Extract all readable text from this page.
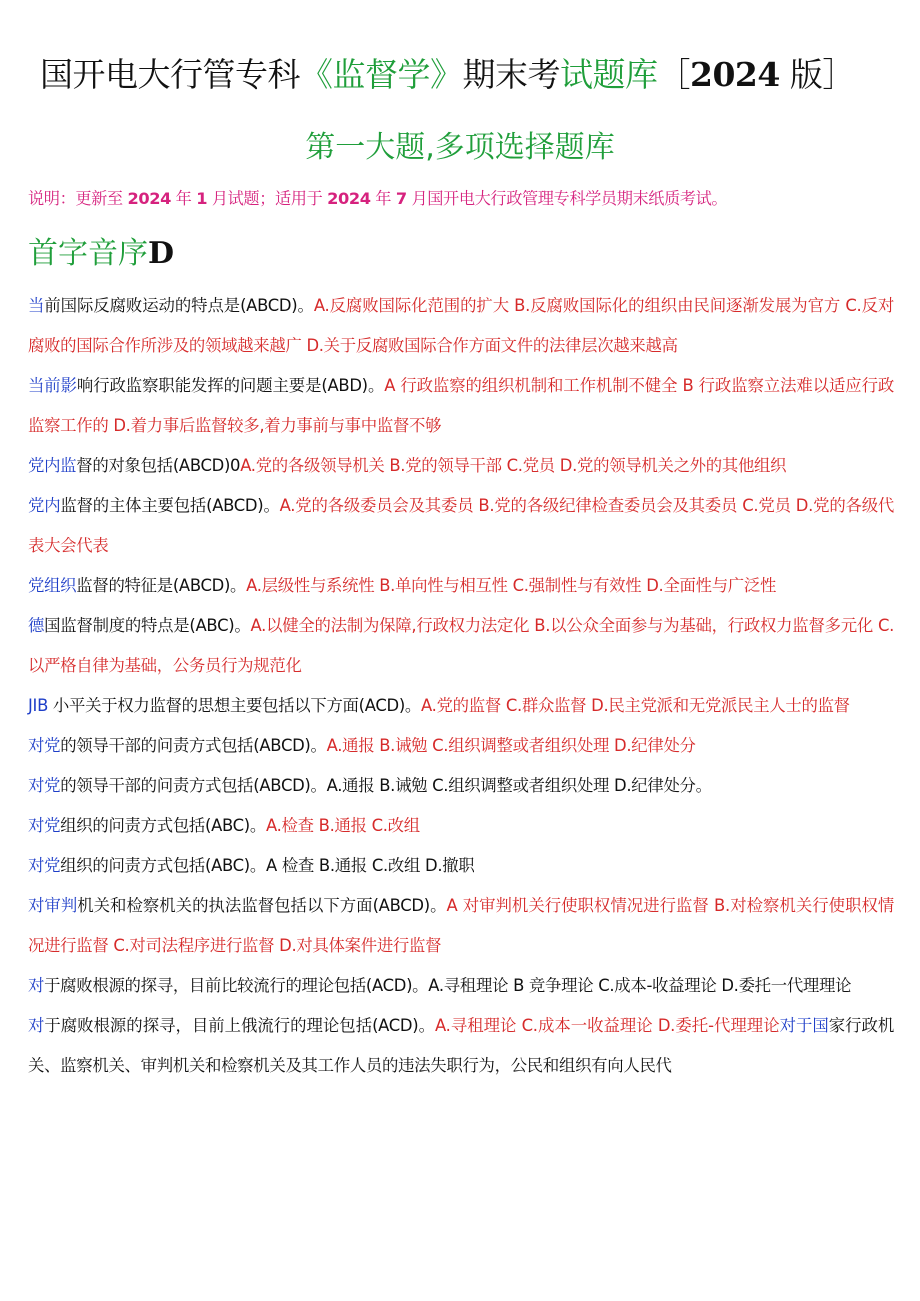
国开电大行管专科《监督学》期末考试题库［2024 版］
第一大题,多项选择题库
说明：更新至 2024 年 1 月试题；适用于 2024 年 7 月国开电大行政管理专科学员期末纸质考试。
首字音序D
当前国际反腐败运动的特点是(ABCD)。A.反腐败国际化范围的扩大 B.反腐败国际化的组织由民间逐渐发展为官方 C.反对腐败的国际合作所涉及的领域越来越广 D.关于反腐败国际合作方面文件的法律层次越来越高
当前影响行政监察职能发挥的问题主要是(ABD)。A 行政监察的组织机制和工作机制不健全 B 行政监察立法难以适应行政监察工作的 D.着力事后监督较多,着力事前与事中监督不够
党内监督的对象包括(ABCD)0A.党的各级领导机关 B.党的领导干部 C.党员 D.党的领导机关之外的其他组织
党内监督的主体主要包括(ABCD)。A.党的各级委员会及其委员 B.党的各级纪律检查委员会及其委员 C.党员 D.党的各级代表大会代表
党组织监督的特征是(ABCD)。A.层级性与系统性 B.单向性与相互性 C.强制性与有效性 D.全面性与广泛性
德国监督制度的特点是(ABC)。A.以健全的法制为保障,行政权力法定化 B.以公众全面参与为基础，行政权力监督多元化 C.以严格自律为基础，公务员行为规范化
JIB 小平关于权力监督的思想主要包括以下方面(ACD)。A.党的监督 C.群众监督 D.民主党派和无党派民主人士的监督
对党的领导干部的问责方式包括(ABCD)。A.通报 B.诫勉 C.组织调整或者组织处理 D.纪律处分
对党的领导干部的问责方式包括(ABCD)。A.通报 B.诫勉 C.组织调整或者组织处理 D.纪律处分。
对党组织的问责方式包括(ABC)。A.检查 B.通报 C.改组
对党组织的问责方式包括(ABC)。A 检查 B.通报 C.改组 D.撤职
对审判机关和检察机关的执法监督包括以下方面(ABCD)。A 对审判机关行使职权情况进行监督 B.对检察机关行使职权情况进行监督 C.对司法程序进行监督 D.对具体案件进行监督
对于腐败根源的探寻，目前比较流行的理论包括(ACD)。A.寻租理论 B 竞争理论 C.成本-收益理论 D.委托一代理理论
对于腐败根源的探寻，目前上俄流行的理论包括(ACD)。A.寻租理论 C.成本一收益理论 D.委托-代理理论对于国家行政机关、监察机关、审判机关和检察机关及其工作人员的违法失职行为，公民和组织有向人民代
